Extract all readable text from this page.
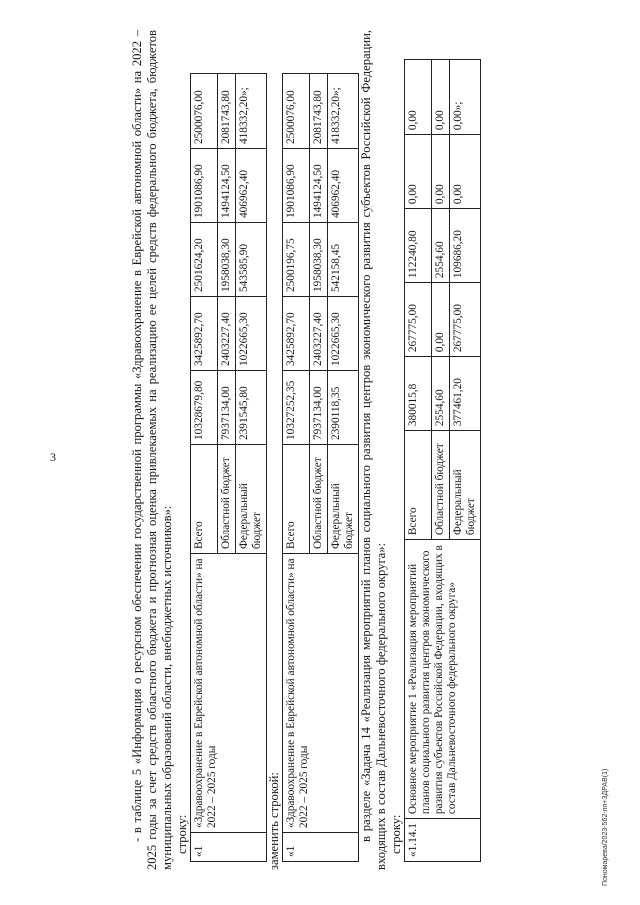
3
Пономарева/2023-562-пп+ЗДРАВ(1)

- в таблице 5 «Информация о ресурсном обеспечении государственной программы «Здравоохранение в Еврейской автономной области» на 2022 – 2025 годы за счет средств областного бюджета и прогнозная оценка привлекаемых на реализацию ее целей средств федерального бюджета, бюджетов муниципальных образований области, внебюджетных источников»: строку: «1	«Здравоохранение в Еврейской автономной области» на 2022 – 2025 годы	Всего	10328679,80	3425892,70	2501624,20	1901086,90	2500076,00
		Областной бюджет	7937134,00	2403227,40	1958038,30	1494124,50	2081743,80
		Федеральный бюджет	2391545,80	1022665,30	543585,90	406962,40	418332,20»;

заменить строкой: «1	«Здравоохранение в Еврейской автономной области» на 2022 – 2025 годы	Всего	10327252,35	3425892,70	2500196,75	1901086,90	2500076,00
		Областной бюджет	7937134,00	2403227,40	1958038,30	1494124,50	2081743,80
		Федеральный бюджет	2390118,35	1022665,30	542158,45	406962,40	418332,20»; в разделе «Задача 14 «Реализация мероприятий планов социального развития центров экономического развития субъектов Российской Федерации, входящих в состав Дальневосточного федерального округа»: строку: «1.14.1	Основное мероприятие 1 «Реализация мероприятий планов социального развития центров экономического развития субъектов Российской Федерации, входящих в состав Дальневосточного федерального округа»	Всего	380015,8	267775,00	112240,80	0,00	0,00
		Областной бюджет	2554,60	0,00	2554,60	0,00	0,00
		Федеральный бюджет	377461,20	267775,00	109686,20	0,00	0,00»;
